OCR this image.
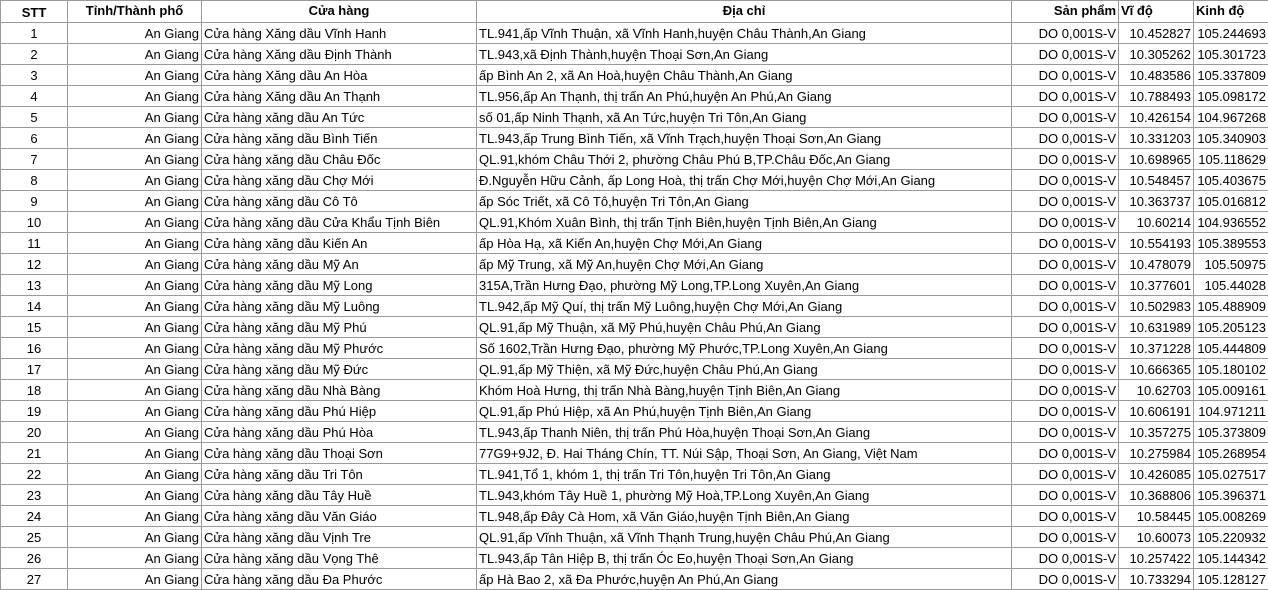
STT	Tỉnh/Thành phố	Cửa hàng	Địa chỉ	Sản phẩm	Vĩ độ	Kinh độ
1	An Giang	Cửa hàng Xăng dầu Vĩnh Hanh	TL.941,ấp Vĩnh Thuận, xã Vĩnh Hanh,huyện Châu Thành,An Giang	DO 0,001S-V	10.452827	105.244693
2	An Giang	Cửa hàng Xăng dầu Định Thành	TL.943,xã Định Thành,huyện Thoại Sơn,An Giang	DO 0,001S-V	10.305262	105.301723
3	An Giang	Cửa hàng Xăng dầu An Hòa	ấp Bình An 2, xã An Hoà,huyện Châu Thành,An Giang	DO 0,001S-V	10.483586	105.337809
4	An Giang	Cửa hàng Xăng dầu An Thạnh	TL.956,ấp An Thạnh, thị trấn An Phú,huyện An Phú,An Giang	DO 0,001S-V	10.788493	105.098172
5	An Giang	Cửa hàng xăng dầu An Tức	số 01,ấp Ninh Thạnh, xã An Tức,huyện Tri Tôn,An Giang	DO 0,001S-V	10.426154	104.967268
6	An Giang	Cửa hàng xăng dầu Bình Tiến	TL.943,ấp Trung Bình Tiến, xã Vĩnh Trạch,huyện Thoại Sơn,An Giang	DO 0,001S-V	10.331203	105.340903
7	An Giang	Cửa hàng xăng dầu Châu Đốc	QL.91,khóm Châu Thới 2, phường Châu Phú B,TP.Châu Đốc,An Giang	DO 0,001S-V	10.698965	105.118629
8	An Giang	Cửa hàng xăng dầu Chợ Mới	Đ.Nguyễn Hữu Cảnh, ấp Long Hoà, thị trấn Chợ Mới,huyện Chợ Mới,An Giang	DO 0,001S-V	10.548457	105.403675
9	An Giang	Cửa hàng xăng dầu Cô Tô	ấp Sóc Triết, xã Cô Tô,huyện Tri Tôn,An Giang	DO 0,001S-V	10.363737	105.016812
10	An Giang	Cửa hàng xăng dầu Cửa Khẩu Tịnh Biên	QL.91,Khóm Xuân Bình, thị trấn Tịnh Biên,huyện Tịnh Biên,An Giang	DO 0,001S-V	10.60214	104.936552
11	An Giang	Cửa hàng xăng dầu Kiến An	ấp Hòa Hạ, xã Kiến An,huyện Chợ Mới,An Giang	DO 0,001S-V	10.554193	105.389553
12	An Giang	Cửa hàng xăng dầu Mỹ An	ấp Mỹ Trung, xã Mỹ An,huyện Chợ Mới,An Giang	DO 0,001S-V	10.478079	105.50975
13	An Giang	Cửa hàng xăng dầu Mỹ Long	315A,Trần Hưng Đạo, phường Mỹ Long,TP.Long Xuyên,An Giang	DO 0,001S-V	10.377601	105.44028
14	An Giang	Cửa hàng xăng dầu Mỹ Luông	TL.942,ấp Mỹ Quí, thị trấn Mỹ Luông,huyện Chợ Mới,An Giang	DO 0,001S-V	10.502983	105.488909
15	An Giang	Cửa hàng xăng dầu Mỹ Phú	QL.91,ấp Mỹ Thuận, xã Mỹ Phú,huyện Châu Phú,An Giang	DO 0,001S-V	10.631989	105.205123
16	An Giang	Cửa hàng xăng dầu Mỹ Phước	Số 1602,Trần Hưng Đạo, phường Mỹ Phước,TP.Long Xuyên,An Giang	DO 0,001S-V	10.371228	105.444809
17	An Giang	Cửa hàng xăng dầu Mỹ Đức	QL.91,ấp Mỹ Thiện, xã Mỹ Đức,huyện Châu Phú,An Giang	DO 0,001S-V	10.666365	105.180102
18	An Giang	Cửa hàng xăng dầu Nhà Bàng	Khóm Hoà Hưng, thị trấn Nhà Bàng,huyện Tịnh Biên,An Giang	DO 0,001S-V	10.62703	105.009161
19	An Giang	Cửa hàng xăng dầu Phú Hiệp	QL.91,ấp Phú Hiệp, xã An Phú,huyện Tịnh Biên,An Giang	DO 0,001S-V	10.606191	104.971211
20	An Giang	Cửa hàng xăng dầu Phú Hòa	TL.943,ấp Thanh Niên, thị trấn Phú Hòa,huyện Thoại Sơn,An Giang	DO 0,001S-V	10.357275	105.373809
21	An Giang	Cửa hàng xăng dầu Thoại Sơn	77G9+9J2, Đ. Hai Tháng Chín, TT. Núi Sập, Thoại Sơn, An Giang, Việt Nam	DO 0,001S-V	10.275984	105.268954
22	An Giang	Cửa hàng xăng dầu Tri Tôn	TL.941,Tổ 1, khóm 1, thị trấn Tri Tôn,huyện Tri Tôn,An Giang	DO 0,001S-V	10.426085	105.027517
23	An Giang	Cửa hàng xăng dầu Tây Huề	TL.943,khóm Tây Huề 1, phường Mỹ Hoà,TP.Long Xuyên,An Giang	DO 0,001S-V	10.368806	105.396371
24	An Giang	Cửa hàng xăng dầu Văn Giáo	TL.948,ấp Đây Cà Hom, xã Văn Giáo,huyện Tịnh Biên,An Giang	DO 0,001S-V	10.58445	105.008269
25	An Giang	Cửa hàng xăng dầu Vịnh Tre	QL.91,ấp Vĩnh Thuận, xã Vĩnh Thạnh Trung,huyện Châu Phú,An Giang	DO 0,001S-V	10.60073	105.220932
26	An Giang	Cửa hàng xăng dầu Vọng Thê	TL.943,ấp Tân Hiệp B, thị trấn Óc Eo,huyện Thoại Sơn,An Giang	DO 0,001S-V	10.257422	105.144342
27	An Giang	Cửa hàng xăng dầu Đa Phước	ấp Hà Bao 2, xã Đa Phước,huyện An Phú,An Giang	DO 0,001S-V	10.733294	105.128127
